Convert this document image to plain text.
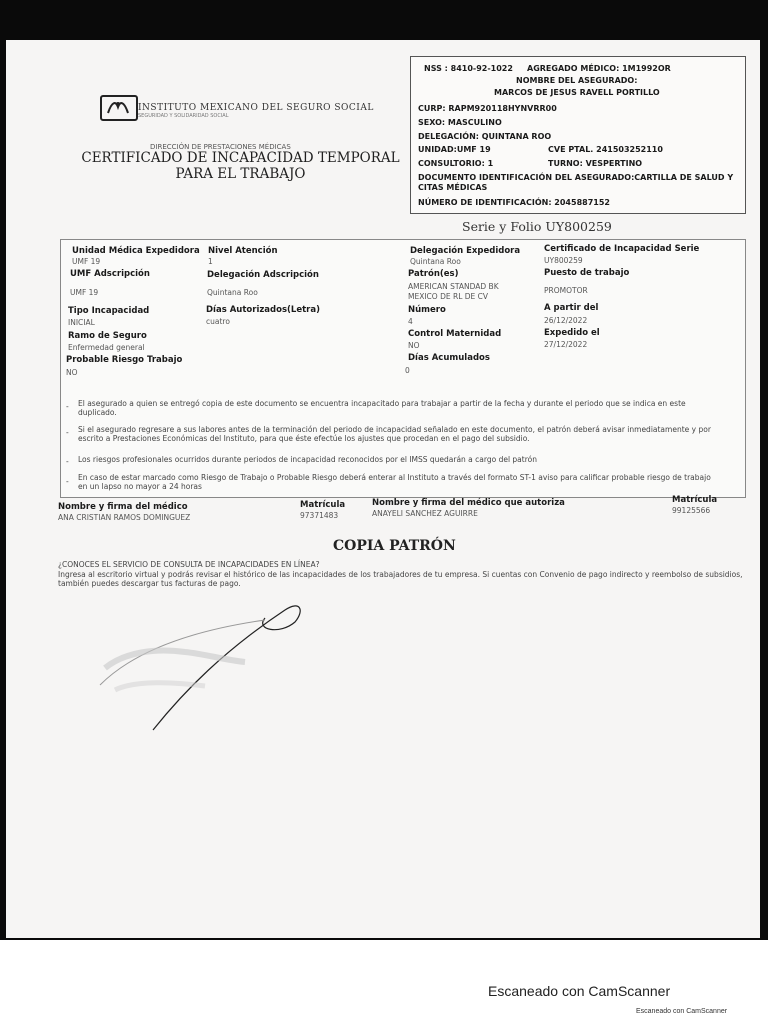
INSTITUTO MEXICANO DEL SEGURO SOCIAL
SEGURIDAD Y SOLIDARIDAD SOCIAL
DIRECCIÓN DE PRESTACIONES MÉDICAS
CERTIFICADO DE INCAPACIDAD TEMPORAL PARA EL TRABAJO
NSS : 8410-92-1022 AGREGADO MÉDICO: 1M1992OR
NOMBRE DEL ASEGURADO:
MARCOS DE JESUS RAVELL PORTILLO
CURP: RAPM920118HYNVRR00
SEXO: MASCULINO
DELEGACIÓN: QUINTANA ROO
UNIDAD:UMF 19	CVE PTAL. 241503252110
CONSULTORIO: 1	TURNO: VESPERTINO
DOCUMENTO IDENTIFICACIÓN DEL ASEGURADO:CARTILLA DE SALUD Y CITAS MÉDICAS
NÚMERO DE IDENTIFICACIÓN: 2045887152
Serie y Folio UY800259
Unidad Médica Expedidora
UMF 19
Nivel Atención
1
Delegación Expedidora
Quintana Roo
Certificado de Incapacidad Serie
UY800259
UMF Adscripción
UMF 19
Delegación Adscripción
Quintana Roo
Patrón(es)
AMERICAN STANDAD BK
MEXICO DE RL DE CV
Puesto de trabajo
PROMOTOR
Tipo Incapacidad
INICIAL
Días Autorizados(Letra)
cuatro
Número
4
A partir del
26/12/2022
Ramo de Seguro
Enfermedad general
Control Maternidad
NO
Expedido el
27/12/2022
Probable Riesgo Trabajo
NO
Días Acumulados
0
- El asegurado a quien se entregó copia de este documento se encuentra incapacitado para trabajar a partir de la fecha y durante el periodo que se indica en este duplicado.
- Si el asegurado regresare a sus labores antes de la terminación del periodo de incapacidad señalado en este documento, el patrón deberá avisar inmediatamente y por escrito a Prestaciones Económicas del Instituto, para que éste efectúe los ajustes que procedan en el pago del subsidio.
- Los riesgos profesionales ocurridos durante periodos de incapacidad reconocidos por el IMSS quedarán a cargo del patrón
- En caso de estar marcado como Riesgo de Trabajo o Probable Riesgo deberá enterar al Instituto a través del formato ST-1 aviso para calificar probable riesgo de trabajo en un lapso no mayor a 24 horas
Nombre y firma del médico
ANA CRISTIAN RAMOS DOMINGUEZ
Matrícula
97371483
Nombre y firma del médico que autoriza
ANAYELI SANCHEZ AGUIRRE
Matrícula
99125566
COPIA PATRÓN
¿CONOCES EL SERVICIO DE CONSULTA DE INCAPACIDADES EN LÍNEA?
Ingresa al escritorio virtual y podrás revisar el histórico de las incapacidades de los trabajadores de tu empresa. Si cuentas con Convenio de pago indirecto y reembolso de subsidios, también puedes descargar tus facturas de pago.
Escaneado con CamScanner
Escaneado con CamScanner
